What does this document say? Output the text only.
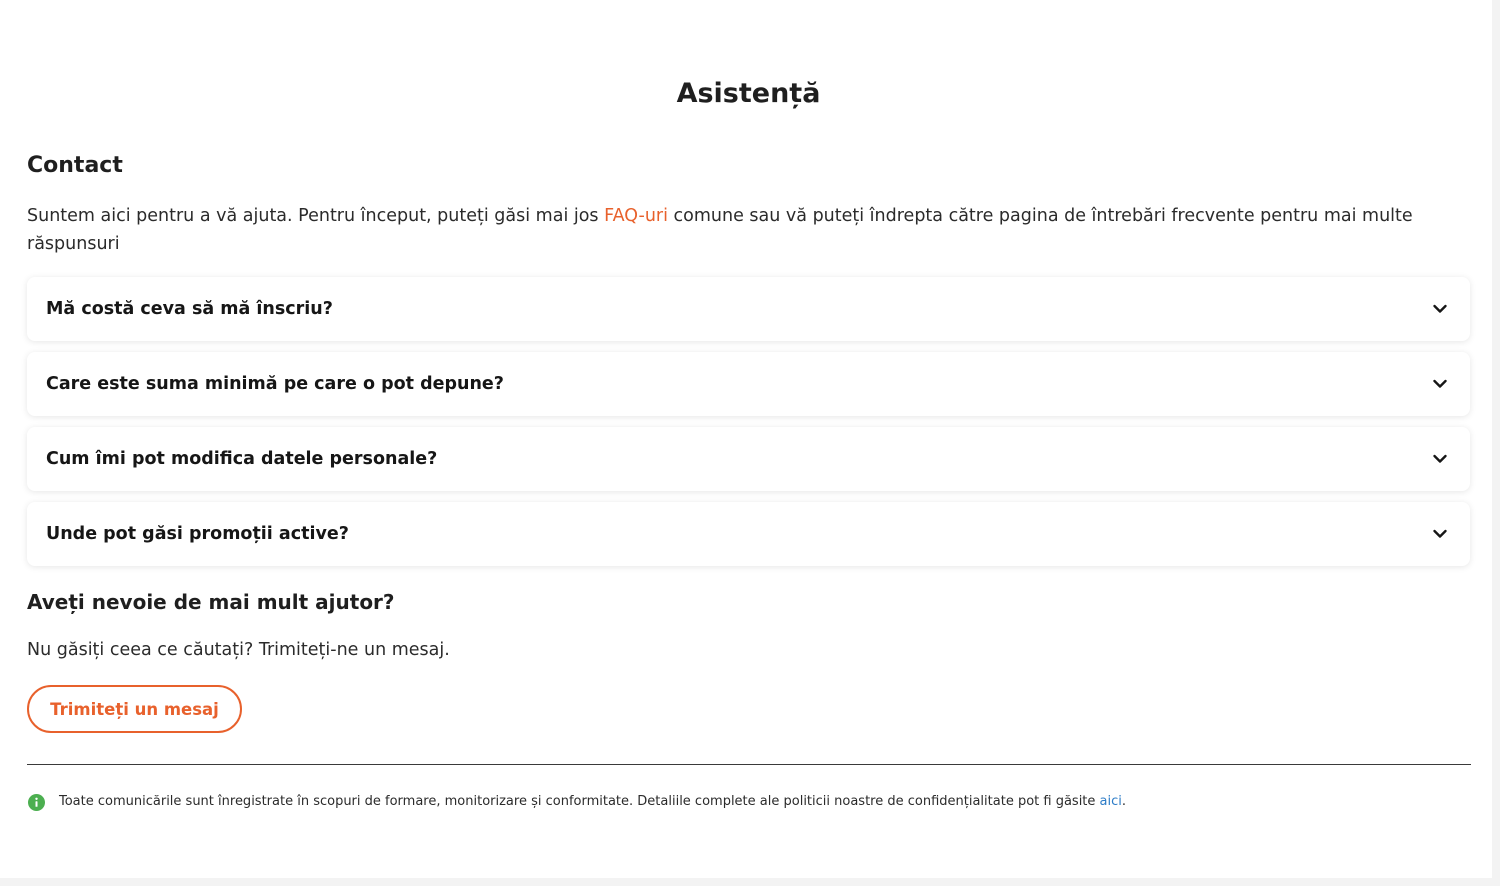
Asistență
Contact
Suntem aici pentru a vă ajuta. Pentru început, puteți găsi mai jos FAQ-uri comune sau vă puteți îndrepta către pagina de întrebări frecvente pentru mai multe răspunsuri
Mă costă ceva să mă înscriu?
Care este suma minimă pe care o pot depune?
Cum îmi pot modifica datele personale?
Unde pot găsi promoții active?
Aveți nevoie de mai mult ajutor?
Nu găsiți ceea ce căutați? Trimiteți-ne un mesaj.
Trimiteți un mesaj
Toate comunicările sunt înregistrate în scopuri de formare, monitorizare și conformitate. Detaliile complete ale politicii noastre de confidențialitate pot fi găsite aici.
